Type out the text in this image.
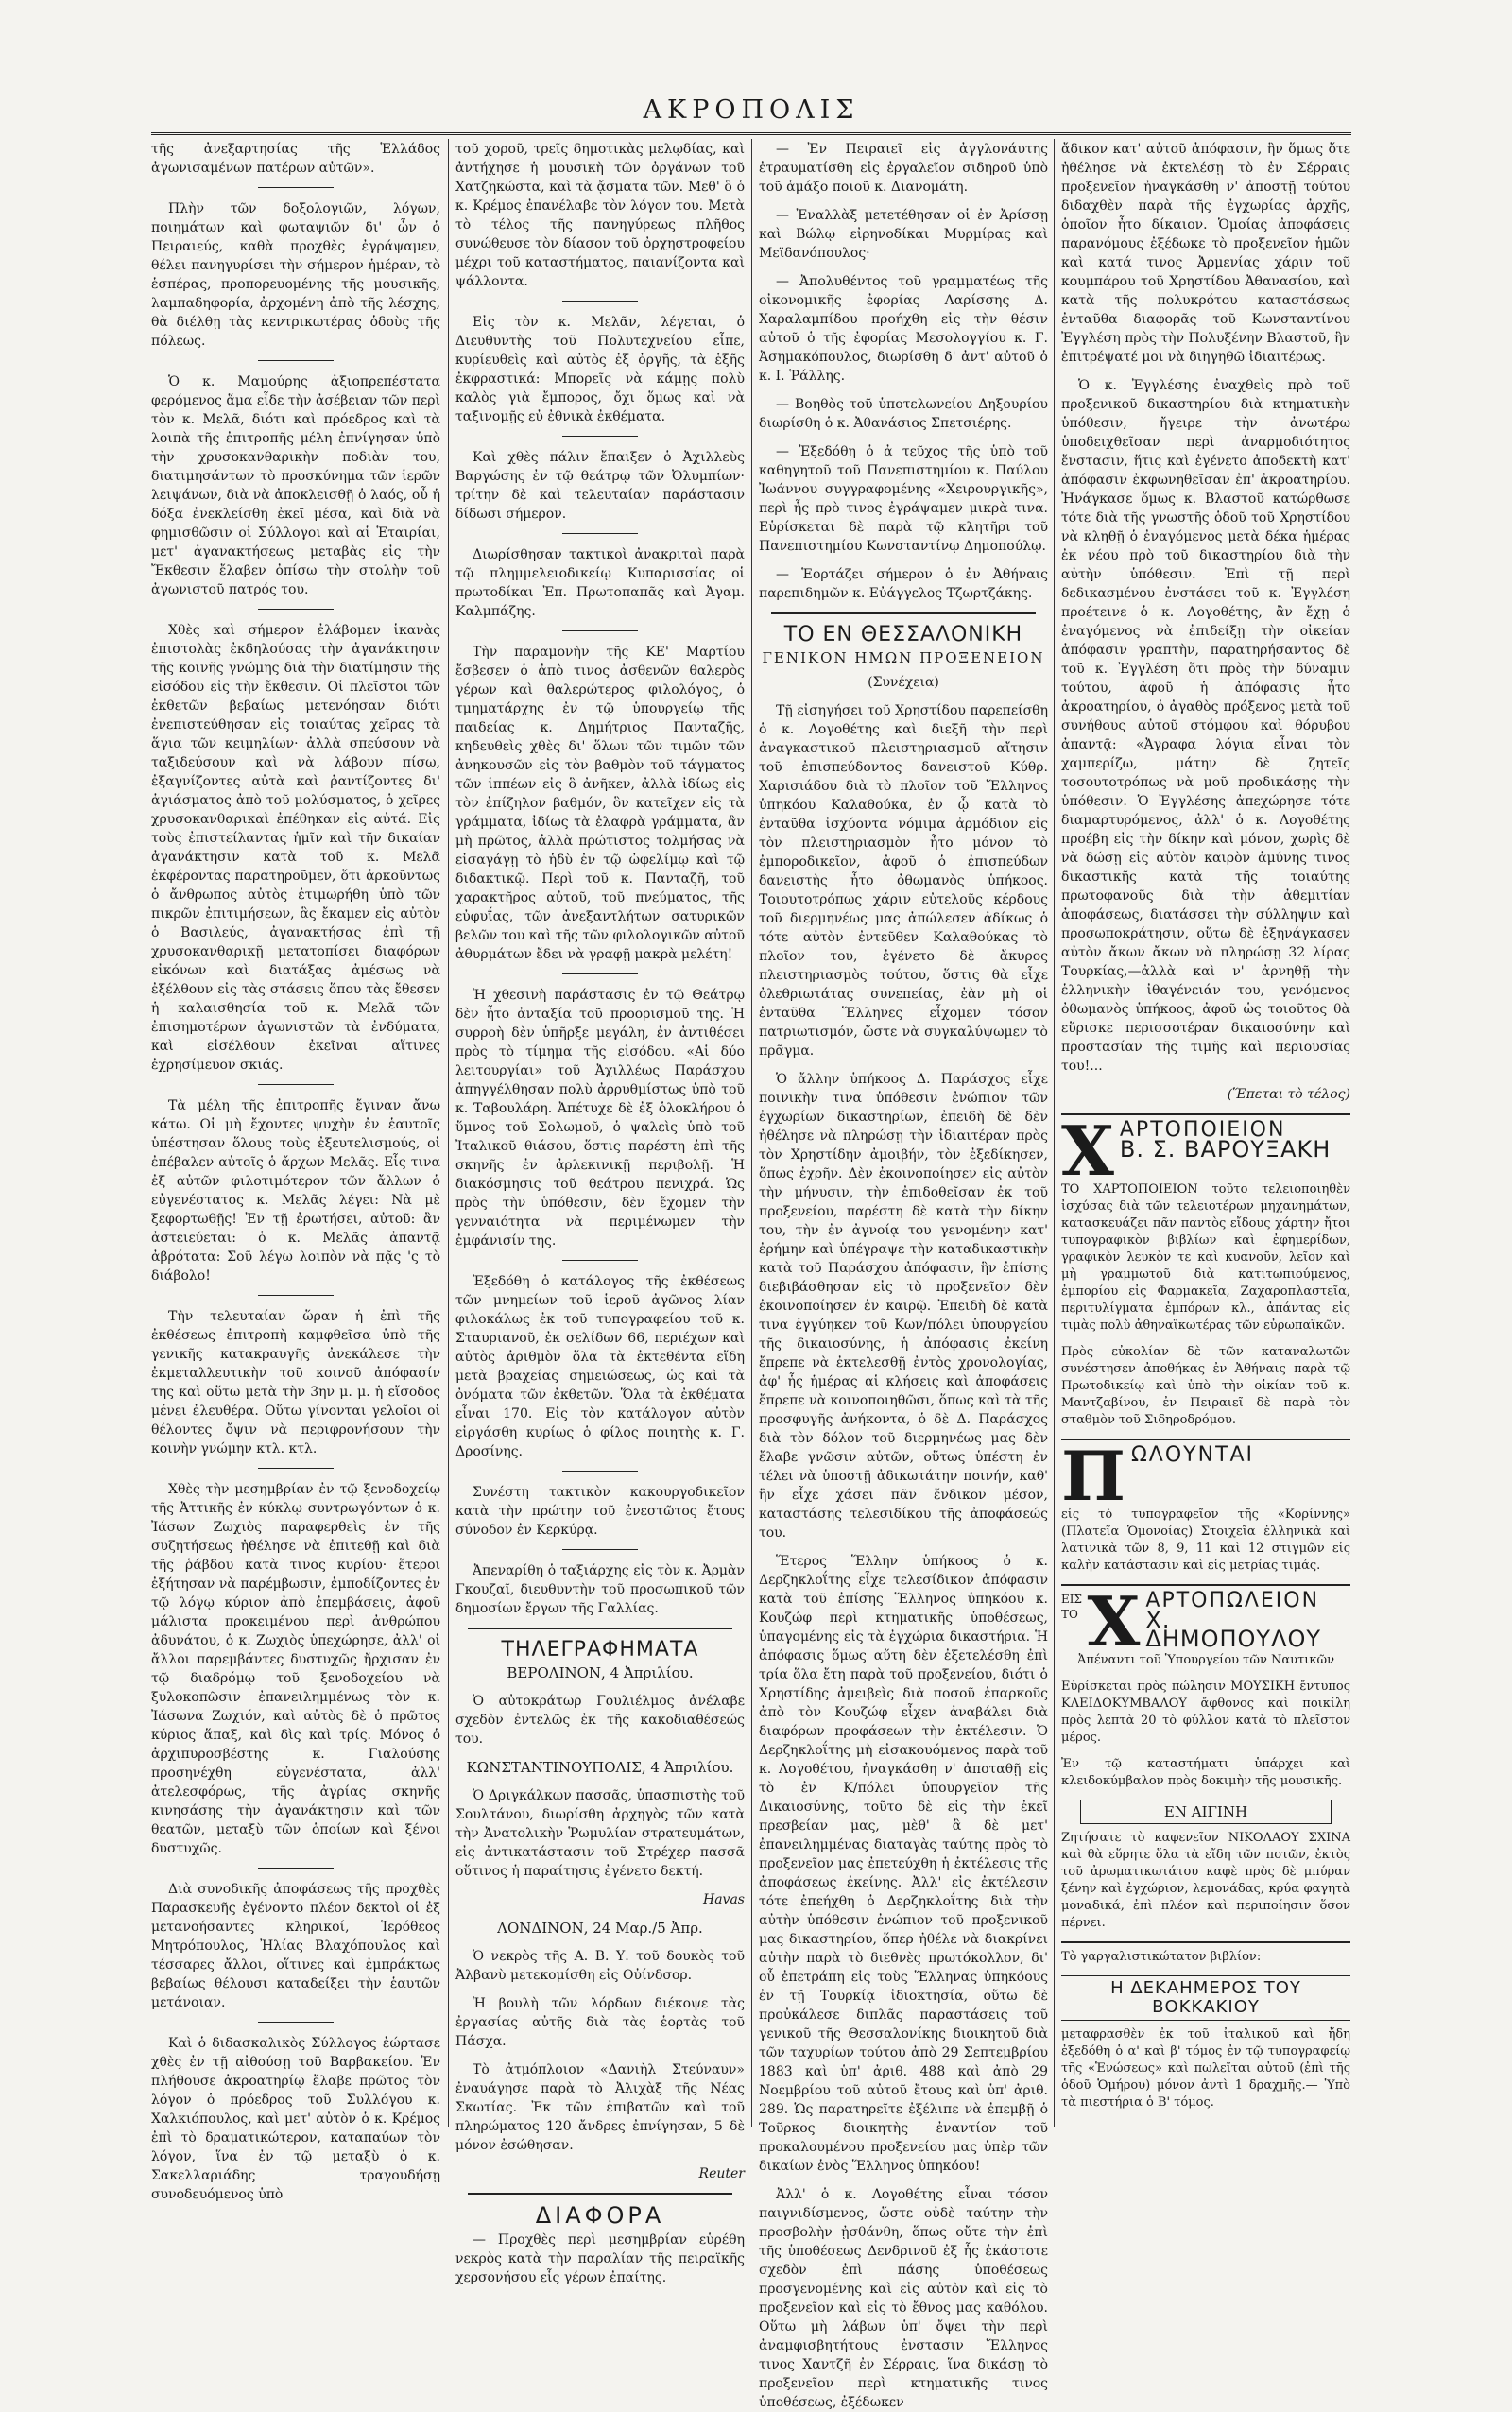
ΑΚΡΟΠΟΛΙΣ

τῆς ἀνεξαρτησίας τῆς Ἑλλάδος ἀγωνισαμένων πατέρων αὐτῶν».

Πλὴν τῶν δοξολογιῶν, λόγων, ποιημάτων καὶ φωταψιῶν δι' ὧν ὁ Πειραιεύς, καθὰ προχθὲς ἐγράψαμεν, θέλει πανηγυρίσει τὴν σήμερον ἡμέραν, τὸ ἑσπέρας, προπορευομένης τῆς μουσικῆς, λαμπαδηφορία, ἀρχομένη ἀπὸ τῆς λέσχης, θὰ διέλθῃ τὰς κεντρικωτέρας ὁδοὺς τῆς πόλεως.

Ὁ κ. Μαμούρης ἀξιοπρεπέστατα φερόμενος ἅμα εἶδε τὴν ἀσέβειαν τῶν περὶ τὸν κ. Μελᾶ, διότι καὶ πρόεδρος καὶ τὰ λοιπὰ τῆς ἐπιτροπῆς μέλη ἐπνίγησαν ὑπὸ τὴν χρυσοκανθαρικὴν ποδιὰν του, διατιμησάντων τὸ προσκύνημα τῶν ἱερῶν λειψάνων, διὰ νὰ ἀποκλεισθῇ ὁ λαός, οὗ ἡ δόξα ἐνεκλείσθη ἐκεῖ μέσα, καὶ διὰ νὰ φημισθῶσιν οἱ Σύλλογοι καὶ αἱ Ἑταιρίαι, μετ' ἀγανακτήσεως μεταβὰς εἰς τὴν Ἔκθεσιν ἔλαβεν ὀπίσω τὴν στολὴν τοῦ ἀγωνιστοῦ πατρός του.

Χθὲς καὶ σήμερον ἐλάβομεν ἱκανὰς ἐπιστολὰς ἐκδηλούσας τὴν ἀγανάκτησιν τῆς κοινῆς γνώμης διὰ τὴν διατίμησιν τῆς εἰσόδου εἰς τὴν ἔκθεσιν. Οἱ πλεῖστοι τῶν ἐκθετῶν βεβαίως μετενόησαν διότι ἐνεπιστεύθησαν εἰς τοιαύτας χεῖρας τὰ ἅγια τῶν κειμηλίων· ἀλλὰ σπεύσουν νὰ ταξιδεύσουν καὶ νὰ λάβουν πίσω, ἐξαγνίζοντες αὐτὰ καὶ ῥαντίζοντες δι' ἁγιάσματος ἀπὸ τοῦ μολύσματος, ὁ χεῖρες χρυσοκανθαρικαὶ ἐπέθηκαν εἰς αὐτά. Εἰς τοὺς ἐπιστείλαντας ἡμῖν καὶ τῆν δικαίαν ἀγανάκτησιν κατὰ τοῦ κ. Μελᾶ ἐκφέροντας παρατηροῦμεν, ὅτι ἀρκοῦντως ὁ ἄνθρωπος αὐτὸς ἐτιμωρήθη ὑπὸ τῶν πικρῶν ἐπιτιμήσεων, ἃς ἔκαμεν εἰς αὐτὸν ὁ Βασιλεύς, ἀγανακτήσας ἐπὶ τῇ χρυσοκανθαρικῇ μετατοπίσει διαφόρων εἰκόνων καὶ διατάξας ἀμέσως νὰ ἐξέλθουν εἰς τὰς στάσεις ὅπου τὰς ἔθεσεν ἡ καλαισθησία τοῦ κ. Μελᾶ τῶν ἐπισημοτέρων ἀγωνιστῶν τὰ ἐνδύματα, καὶ εἰσέλθουν ἐκεῖναι αἵτινες ἐχρησίμευον σκιάς.

Τὰ μέλη τῆς ἐπιτροπῆς ἔγιναν ἄνω κάτω. Οἱ μὴ ἔχοντες ψυχὴν ἐν ἑαυτοῖς ὑπέστησαν ὅλους τοὺς ἐξευτελισμούς, οἱ ἐπέβαλεν αὐτοῖς ὁ ἄρχων Μελᾶς. Εἷς τινα ἐξ αὐτῶν φιλοτιμότερον τῶν ἄλλων ὁ εὐγενέστατος κ. Μελᾶς λέγει: Νὰ μὲ ξεφορτωθῇς! Ἐν τῇ ἐρωτήσει, αὐτοῦ: ἂν ἀστειεύεται: ὁ κ. Μελᾶς ἀπαντᾷ ἀβρότατα: Σοῦ λέγω λοιπὸν νὰ πᾷς 'ς τὸ διάβολο!

Τὴν τελευταίαν ὥραν ἡ ἐπὶ τῆς ἐκθέσεως ἐπιτροπὴ καμφθεῖσα ὑπὸ τῆς γενικῆς κατακραυγῆς ἀνεκάλεσε τὴν ἐκμεταλλευτικὴν τοῦ κοινοῦ ἀπόφασίν της καὶ οὕτω μετὰ τὴν 3ην μ. μ. ἡ εἴσοδος μένει ἐλευθέρα. Οὕτω γίνονται γελοῖοι οἱ θέλοντες ὄψιν νὰ περιφρονήσουν τὴν κοινὴν γνώμην κτλ. κτλ.

Χθὲς τὴν μεσημβρίαν ἐν τῷ ξενοδοχείῳ τῆς Ἀττικῆς ἐν κύκλῳ συντρωγόντων ὁ κ. Ἰάσων Ζωχιὸς παραφερθεὶς ἐν τῆς συζητήσεως ἠθέλησε νὰ ἐπιτεθῇ καὶ διὰ τῆς ῥάβδου κατὰ τινος κυρίου· ἕτεροι ἐξήτησαν νὰ παρέμβωσιν, ἐμποδίζοντες ἐν τῷ λόγῳ κύριον ἀπὸ ἐπεμβάσεις, ἀφοῦ μάλιστα προκειμένου περὶ ἀνθρώπου ἀδυνάτου, ὁ κ. Ζωχιὸς ὑπεχώρησε, ἀλλ' οἱ ἄλλοι παρεμβάντες δυστυχῶς ἤρχισαν ἐν τῷ διαδρόμῳ τοῦ ξενοδοχείου νὰ ξυλοκοπῶσιν ἐπανειλημμένως τὸν κ. Ἰάσωνα Ζωχιόν, καὶ αὐτὸς δὲ ὁ πρῶτος κύριος ἅπαξ, καὶ δὶς καὶ τρίς. Μόνος ὁ ἀρχιπυροσβέστης κ. Γιαλούσης προσηνέχθη εὐγενέστατα, ἀλλ' ἀτελεσφόρως, τῆς ἀγρίας σκηνῆς κινησάσης τὴν ἀγανάκτησιν καὶ τῶν θεατῶν, μεταξὺ τῶν ὁποίων καὶ ξένοι δυστυχῶς.

Διὰ συνοδικῆς ἀποφάσεως τῆς προχθὲς Παρασκευῆς ἐγένοντο πλέον δεκτοὶ οἱ ἐξ μετανοήσαντες κληρικοί, Ἱερόθεος Μητρόπουλος, Ἠλίας Βλαχόπουλος καὶ τέσσαρες ἄλλοι, οἵτινες καὶ ἐμπράκτως βεβαίως θέλουσι καταδείξει τὴν ἑαυτῶν μετάνοιαν.

Καὶ ὁ διδασκαλικὸς Σύλλογος ἑώρτασε χθὲς ἐν τῇ αἰθούσῃ τοῦ Βαρβακείου. Ἐν πλήθουσε ἀκροατηρίῳ ἔλαβε πρῶτος τὸν λόγον ὁ πρόεδρος τοῦ Συλλόγου κ. Χαλκιόπουλος, καὶ μετ' αὐτὸν ὁ κ. Κρέμος ἐπὶ τὸ δραματικώτερον, καταπαύων τὸν λόγον, ἵνα ἐν τῷ μεταξὺ ὁ κ. Σακελλαριάδης τραγουδήσῃ συνοδευόμενος ὑπὸ

τοῦ χοροῦ, τρεῖς δημοτικὰς μελῳδίας, καὶ ἀντήχησε ἡ μουσικὴ τῶν ὀργάνων τοῦ Χατζηκώστα, καὶ τὰ ᾄσματα τῶν. Μεθ' ὃ ὁ κ. Κρέμος ἐπανέλαβε τὸν λόγον του. Μετὰ τὸ τέλος τῆς πανηγύρεως πλῆθος συνώθευσε τὸν δίασον τοῦ ὀρχηστροφείου μέχρι τοῦ καταστήματος, παιανίζοντα καὶ ψάλλοντα.

Εἰς τὸν κ. Μελᾶν, λέγεται, ὁ Διευθυντὴς τοῦ Πολυτεχνείου εἶπε, κυρίευθεὶς καὶ αὐτὸς ἐξ ὀργῆς, τὰ ἑξῆς ἐκφραστικά: Μπορεῖς νὰ κάμῃς πολὺ καλὸς γιὰ ἔμπορος, ὄχι ὅμως καὶ νὰ ταξινομῇς εὐ ἐθνικὰ ἐκθέματα.

Καὶ χθὲς πάλιν ἔπαιξεν ὁ Ἀχιλλεὺς Βαργώσης ἐν τῷ θεάτρῳ τῶν Ὀλυμπίων· τρίτην δὲ καὶ τελευταίαν παράστασιν δίδωσι σήμερον.

Διωρίσθησαν τακτικοὶ ἀνακριταὶ παρὰ τῷ πλημμελειοδικείῳ Κυπαρισσίας οἱ πρωτοδίκαι Ἐπ. Πρωτοπαπᾶς καὶ Ἀγαμ. Καλμπάζης.

Τὴν παραμονὴν τῆς ΚΕ' Μαρτίου ἔσβεσεν ὁ ἀπὸ τινος ἀσθενῶν θαλερὸς γέρων καὶ θαλερώτερος φιλολόγος, ὁ τμηματάρχης ἐν τῷ ὑπουργείῳ τῆς παιδείας κ. Δημήτριος Πανταζῆς, κηδευθεὶς χθὲς δι' ὅλων τῶν τιμῶν τῶν ἀνηκουσῶν εἰς τὸν βαθμὸν τοῦ τάγματος τῶν ἱππέων εἰς ὃ ἀνῆκεν, ἀλλὰ ἰδίως εἰς τὸν ἐπίζηλον βαθμόν, ὃν κατεῖχεν εἰς τὰ γράμματα, ἰδίως τὰ ἐλαφρὰ γράμματα, ἂν μὴ πρῶτος, ἀλλὰ πρώτιστος τολμήσας νὰ εἰσαγάγῃ τὸ ἡδὺ ἐν τῷ ὠφελίμῳ καὶ τῷ διδακτικῷ. Περὶ τοῦ κ. Πανταζῆ, τοῦ χαρακτῆρος αὐτοῦ, τοῦ πνεύματος, τῆς εὐφυΐας, τῶν ἀνεξαντλήτων σατυρικῶν βελῶν του καὶ τῆς τῶν φιλολογικῶν αὐτοῦ ἀθυρμάτων ἔδει νὰ γραφῇ μακρὰ μελέτη!

Ἡ χθεσινὴ παράστασις ἐν τῷ Θεάτρῳ δὲν ἦτο ἀνταξία τοῦ προορισμοῦ της. Ἡ συρροὴ δὲν ὑπῆρξε μεγάλη, ἐν ἀντιθέσει πρὸς τὸ τίμημα τῆς εἰσόδου. «Αἱ δύο λειτουργίαι» τοῦ Ἀχιλλέως Παράσχου ἀπηγγέλθησαν πολὺ ἀρρυθμίστως ὑπὸ τοῦ κ. Ταβουλάρη. Ἀπέτυχε δὲ ἐξ ὁλοκλήρου ὁ ὕμνος τοῦ Σολωμοῦ, ὁ ψαλεὶς ὑπὸ τοῦ Ἰταλικοῦ θιάσου, ὅστις παρέστη ἐπὶ τῆς σκηνῆς ἐν ἀρλεκινικῇ περιβολῇ. Ἡ διακόσμησις τοῦ θεάτρου πενιχρά. Ὡς πρὸς τὴν ὑπόθεσιν, δὲν ἔχομεν τὴν γενναιότητα νὰ περιμένωμεν τὴν ἐμφάνισίν της.

Ἐξεδόθη ὁ κατάλογος τῆς ἐκθέσεως τῶν μνημείων τοῦ ἱεροῦ ἀγῶνος λίαν φιλοκάλως ἐκ τοῦ τυπογραφείου τοῦ κ. Σταυριανοῦ, ἐκ σελίδων 66, περιέχων καὶ αὐτὸς ἀριθμὸν ὅλα τὰ ἐκτεθέντα εἴδη μετὰ βραχείας σημειώσεως, ὡς καὶ τὰ ὀνόματα τῶν ἐκθετῶν. Ὅλα τὰ ἐκθέματα εἶναι 170. Εἰς τὸν κατάλογον αὐτὸν εἰργάσθη κυρίως ὁ φίλος ποιητὴς κ. Γ. Δροσίνης.

Συνέστη τακτικὸν κακουργοδικεῖον κατὰ τὴν πρώτην τοῦ ἐνεστῶτος ἔτους σύνοδον ἐν Κερκύρᾳ.

Ἀπεναρίθη ὁ ταξιάρχης εἰς τὸν κ. Ἀρμὰν Γκουζαῖ, διευθυντὴν τοῦ προσωπικοῦ τῶν δημοσίων ἔργων τῆς Γαλλίας.

ΤΗΛΕΓΡΑΦΗΜΑΤΑ

ΒΕΡΟΛΙΝΟΝ, 4 Ἀπριλίου.

Ὁ αὐτοκράτωρ Γουλιέλμος ἀνέλαβε σχεδὸν ἐντελῶς ἐκ τῆς κακοδιαθέσεώς του.

ΚΩΝΣΤΑΝΤΙΝΟΥΠΟΛΙΣ, 4 Ἀπριλίου.

Ὁ Δριγκάλκων πασσᾶς, ὑπασπιστὴς τοῦ Σουλτάνου, διωρίσθη ἀρχηγὸς τῶν κατὰ τὴν Ἀνατολικὴν Ῥωμυλίαν στρατευμάτων, εἰς ἀντικατάστασιν τοῦ Στρέχερ πασσᾶ οὕτινος ἡ παραίτησις ἐγένετο δεκτή.

Havas

ΛΟΝΔΙΝΟΝ, 24 Μαρ./5 Ἀπρ.

Ὁ νεκρὸς τῆς Α. Β. Υ. τοῦ δουκὸς τοῦ Ἀλβανὺ μετεκομίσθη εἰς Οὐίνδσορ.

Ἡ βουλὴ τῶν λόρδων διέκοψε τὰς ἐργασίας αὐτῆς διὰ τὰς ἑορτὰς τοῦ Πάσχα.

Τὸ ἀτμόπλοιον «Δανιὴλ Στεύναυν» ἐναυάγησε παρὰ τὸ Ἀλιχὰξ τῆς Νέας Σκωτίας. Ἐκ τῶν ἐπιβατῶν καὶ τοῦ πληρώματος 120 ἄνδρες ἐπνίγησαν, 5 δὲ μόνον ἐσώθησαν.

Reuter

ΔΙΑΦΟΡΑ

— Προχθὲς περὶ μεσημβρίαν εὑρέθη νεκρὸς κατὰ τὴν παραλίαν τῆς πειραϊκῆς χερσονήσου εἷς γέρων ἐπαίτης.

— Ἐν Πειραιεῖ εἰς ἀγγλονάυτης ἐτραυματίσθη εἰς ἐργαλεῖον σιδηροῦ ὑπὸ τοῦ ἁμάξο ποιοῦ κ. Διανομάτη.

— Ἐναλλὰξ μετετέθησαν οἱ ἐν Ἀρίσσῃ καὶ Βώλῳ εἰρηνοδίκαι Μυρμίρας καὶ Μεϊδανόπουλος·

— Ἀπολυθέντος τοῦ γραμματέως τῆς οἰκονομικῆς ἐφορίας Λαρίσσης Δ. Χαραλαμπίδου προήχθη εἰς τὴν θέσιν αὐτοῦ ὁ τῆς ἐφορίας Μεσολογγίου κ. Γ. Ἀσημακόπουλος, διωρίσθη δ' ἀντ' αὐτοῦ ὁ κ. Ι. Ῥάλλης.

— Βοηθὸς τοῦ ὑποτελωνείου Δηξουρίου διωρίσθη ὁ κ. Ἀθανάσιος Σπετσιέρης.

— Ἐξεδόθη ὁ ἀ τεῦχος τῆς ὑπὸ τοῦ καθηγητοῦ τοῦ Πανεπιστημίου κ. Παύλου Ἰωάννου συγγραφομένης «Χειρουργικῆς», περὶ ἧς πρὸ τινος ἐγράψαμεν μικρὰ τινα. Εὑρίσκεται δὲ παρὰ τῷ κλητῆρι τοῦ Πανεπιστημίου Κωνσταντίνῳ Δημοπούλῳ.

— Ἑορτάζει σήμερον ὁ ἐν Ἀθήναις παρεπιδημῶν κ. Εὐάγγελος Τζωρτζάκης.

ΤΟ ΕΝ ΘΕΣΣΑΛΟΝΙΚΗ
ΓΕΝΙΚΟΝ ΗΜΩΝ ΠΡΟΞΕΝΕΙΟΝ

(Συνέχεια)

Τῇ εἰσηγήσει τοῦ Χρηστίδου παρεπείσθη ὁ κ. Λογοθέτης καὶ διεξῆ τὴν περὶ ἀναγκαστικοῦ πλειστηριασμοῦ αἴτησιν τοῦ ἐπισπεύδοντος δανειστοῦ Κύθρ. Χαρισιάδου διὰ τὸ πλοῖον τοῦ Ἕλληνος ὑπηκόου Καλαθούκα, ἐν ᾧ κατὰ τὸ ἐνταῦθα ἰσχύοντα νόμιμα ἀρμόδιον εἰς τὸν πλειστηριασμὸν ἦτο μόνον τὸ ἐμποροδικεῖον, ἀφοῦ ὁ ἐπισπεύδων δανειστὴς ἦτο ὀθωμανὸς ὑπήκοος. Τοιουτοτρόπως χάριν εὐτελοῦς κέρδους τοῦ διερμηνέως μας ἀπώλεσεν ἀδίκως ὁ τότε αὐτὸν ἐντεῦθεν Καλαθούκας τὸ πλοῖον του, ἐγένετο δὲ ἄκυρος πλειστηριασμὸς τούτου, ὅστις θὰ εἶχε ὀλεθριωτάτας συνεπείας, ἐὰν μὴ οἱ ἐνταῦθα Ἕλληνες εἶχομεν τόσον πατριωτισμόν, ὥστε νὰ συγκαλύψωμεν τὸ πρᾶγμα.

Ὁ ἄλλην ὑπήκοος Δ. Παράσχος εἶχε ποινικὴν τινα ὑπόθεσιν ἐνώπιον τῶν ἐγχωρίων δικαστηρίων, ἐπειδὴ δὲ δὲν ἠθέλησε νὰ πληρώσῃ τὴν ἰδιαιτέραν πρὸς τὸν Χρηστίδην ἀμοιβήν, τὸν ἐξεδίκησεν, ὅπως ἐχρῆν. Δὲν ἐκοινοποίησεν εἰς αὐτὸν τὴν μήνυσιν, τὴν ἐπιδοθεῖσαν ἐκ τοῦ προξενείου, παρέστη δὲ κατὰ τὴν δίκην του, τὴν ἐν ἀγνοίᾳ του γενομένην κατ' ἐρήμην καὶ ὑπέγραψε τὴν καταδικαστικὴν κατὰ τοῦ Παράσχου ἀπόφασιν, ἣν ἐπίσης διεβιβάσθησαν εἰς τὸ προξενεῖον δὲν ἐκοινοποίησεν ἐν καιρῷ. Ἐπειδὴ δὲ κατὰ τινα ἐγγύηκεν τοῦ Κων/πόλει ὑπουργείου τῆς δικαιοσύνης, ἡ ἀπόφασις ἐκείνη ἔπρεπε νὰ ἐκτελεσθῇ ἐντὸς χρονολογίας, ἀφ' ἧς ἡμέρας αἱ κλήσεις καὶ ἀποφάσεις ἔπρεπε νὰ κοινοποιηθῶσι, ὅπως καὶ τὰ τῆς προσφυγῆς ἀνήκοντα, ὁ δὲ Δ. Παράσχος διὰ τὸν δόλον τοῦ διερμηνέως μας δὲν ἔλαβε γνῶσιν αὐτῶν, οὕτως ὑπέστη ἐν τέλει νὰ ὑποστῇ ἀδικωτάτην ποινήν, καθ' ἣν εἶχε χάσει πᾶν ἔνδικον μέσον, καταστάσης τελεσιδίκου τῆς ἀποφάσεώς του.

Ἕτερος Ἕλλην ὑπήκοος ὁ κ. Δερζηκλοΐτης εἶχε τελεσίδικον ἀπόφασιν κατὰ τοῦ ἐπίσης Ἕλληνος ὑπηκόου κ. Κουζώφ περὶ κτηματικῆς ὑποθέσεως, ὑπαγομένης εἰς τὰ ἐγχώρια δικαστήρια. Ἡ ἀπόφασις ὅμως αὕτη δὲν ἐξετελέσθη ἐπὶ τρία ὅλα ἔτη παρὰ τοῦ προξενείου, διότι ὁ Χρηστίδης ἀμειβεὶς διὰ ποσοῦ ἐπαρκοῦς ἀπὸ τὸν Κουζώφ εἶχεν ἀναβάλει διὰ διαφόρων προφάσεων τὴν ἐκτέλεσιν. Ὁ Δερζηκλοΐτης μὴ εἰσακουόμενος παρὰ τοῦ κ. Λογοθέτου, ἠναγκάσθη ν' ἀποταθῇ εἰς τὸ ἐν Κ/πόλει ὑπουργεῖον τῆς Δικαιοσύνης, τοῦτο δὲ εἰς τὴν ἐκεῖ πρεσβείαν μας, μὲθ' ἃ δὲ μετ' ἐπανειλημμένας διαταγὰς ταύτης πρὸς τὸ προξενεῖον μας ἐπετεύχθη ἡ ἐκτέλεσις τῆς ἀποφάσεως ἐκείνης. Ἀλλ' εἰς ἐκτέλεσιν τότε ἐπεήχθη ὁ Δερζηκλοΐτης διὰ τὴν αὐτὴν ὑπόθεσιν ἐνώπιον τοῦ προξενικοῦ μας δικαστηρίου, ὅπερ ἠθέλε νὰ διακρίνει αὐτὴν παρὰ τὸ διεθνὲς πρωτόκολλον, δι' οὗ ἐπετράπη εἰς τοὺς Ἕλληνας ὑπηκόους ἐν τῇ Τουρκίᾳ ἰδιοκτησία, οὕτω δὲ προὐκάλεσε διπλᾶς παραστάσεις τοῦ γενικοῦ τῆς Θεσσαλονίκης διοικητοῦ διὰ τῶν ταχυρίων τούτου ἀπὸ 29 Σεπτεμβρίου 1883 καὶ ὑπ' ἀριθ. 488 καὶ ἀπὸ 29 Νοεμβρίου τοῦ αὐτοῦ ἔτους καὶ ὑπ' ἀριθ. 289. Ὡς παρατηρεῖτε ἐξέλιπε νὰ ἐπεμβῇ ὁ Τοῦρκος διοικητὴς ἐναντίον τοῦ προκαλουμένου προξενείου μας ὑπὲρ τῶν δικαίων ἑνὸς Ἕλληνος ὑπηκόου!

Ἀλλ' ὁ κ. Λογοθέτης εἶναι τόσον παιγνιδίσμενος, ὥστε οὐδὲ ταύτην τὴν προσβολὴν ᾐσθάνθη, ὅπως οὔτε τὴν ἐπὶ τῆς ὑποθέσεως Δενδρινοῦ ἐξ ἧς ἑκάστοτε σχεδὸν ἐπὶ πάσης ὑποθέσεως προσγενομένης καὶ εἰς αὐτὸν καὶ εἰς τὸ προξενεῖον καὶ εἰς τὸ ἔθνος μας καθόλου. Οὕτω μὴ λάβων ὑπ' ὄψει τὴν περὶ ἀναμφισβητήτους ἐνστασιν Ἕλληνος τινος Χαντζῆ ἐν Σέρραις, ἵνα δικάσῃ τὸ προξενεῖον περὶ κτηματικῆς τινος ὑποθέσεως, ἐξέδωκεν

ἄδικον κατ' αὐτοῦ ἀπόφασιν, ἣν ὅμως ὅτε ἠθέλησε νὰ ἐκτελέσῃ τὸ ἐν Σέρραις προξενεῖον ἠναγκάσθη ν' ἀποστῇ τούτου διδαχθὲν παρὰ τῆς ἐγχωρίας ἀρχῆς, ὁποῖον ἦτο δίκαιον. Ὁμοίας ἀποφάσεις παρανόμους ἐξέδωκε τὸ προξενεῖον ἡμῶν καὶ κατά τινος Ἀρμενίας χάριν τοῦ κουμπάρου τοῦ Χρηστίδου Ἀθανασίου, καὶ κατὰ τῆς πολυκρότου καταστάσεως ἐνταῦθα διαφορᾶς τοῦ Κωνσταντίνου Ἐγγλέση πρὸς τὴν Πολυξένην Βλαστοῦ, ἣν ἐπιτρέψατέ μοι νὰ διηγηθῶ ἰδιαιτέρως.

Ὁ κ. Ἐγγλέσης ἐναχθεὶς πρὸ τοῦ προξενικοῦ δικαστηρίου διὰ κτηματικὴν ὑπόθεσιν, ἤγειρε τὴν ἀνωτέρω ὑποδειχθεῖσαν περὶ ἀναρμοδιότητος ἔνστασιν, ἥτις καὶ ἐγένετο ἀποδεκτὴ κατ' ἀπόφασιν ἐκφωνηθεῖσαν ἐπ' ἀκροατηρίου. Ἠνάγκασε ὅμως κ. Βλαστοῦ κατώρθωσε τότε διὰ τῆς γνωστῆς ὁδοῦ τοῦ Χρηστίδου νὰ κληθῇ ὁ ἐναγόμενος μετὰ δέκα ἡμέρας ἐκ νέου πρὸ τοῦ δικαστηρίου διὰ τὴν αὐτὴν ὑπόθεσιν. Ἐπὶ τῇ περὶ δεδικασμένου ἐνστάσει τοῦ κ. Ἐγγλέση προέτεινε ὁ κ. Λογοθέτης, ἂν ἔχῃ ὁ ἐναγόμενος νὰ ἐπιδείξῃ τὴν οἰκείαν ἀπόφασιν γραπτὴν, παρατηρήσαντος δὲ τοῦ κ. Ἐγγλέση ὅτι πρὸς τὴν δύναμιν τούτου, ἀφοῦ ἡ ἀπόφασις ἦτο ἀκροατηρίου, ὁ ἀγαθὸς πρόξενος μετὰ τοῦ συνήθους αὐτοῦ στόμφου καὶ θόρυβου ἀπαντᾷ: «Ἀγραφα λόγια εἶναι τὸν χαμπερίζω, μάτην δὲ ζητεῖς τοσουτοτρόπως νὰ μοῦ προδικάσῃς τὴν ὑπόθεσιν. Ὁ Ἐγγλέσης ἀπεχώρησε τότε διαμαρτυρόμενος, ἀλλ' ὁ κ. Λογοθέτης προέβη εἰς τὴν δίκην καὶ μόνον, χωρὶς δὲ νὰ δώσῃ εἰς αὐτὸν καιρὸν ἀμύνης τινος δικαστικῆς κατὰ τῆς τοιαύτης πρωτοφανοῦς διὰ τὴν ἀθεμιτίαν ἀποφάσεως, διατάσσει τὴν σύλληψιν καὶ προσωποκράτησιν, οὕτω δὲ ἐξηνάγκασεν αὐτὸν ἄκων ἄκων νὰ πληρώσῃ 32 λίρας Τουρκίας,—ἀλλὰ καὶ ν' ἀρνηθῇ τὴν ἑλληνικὴν ἰθαγένειάν του, γενόμενος ὀθωμανὸς ὑπήκοος, ἀφοῦ ὡς τοιοῦτος θὰ εὕρισκε περισσοτέραν δικαιοσύνην καὶ προστασίαν τῆς τιμῆς καὶ περιουσίας του!...

(Ἕπεται τὸ τέλος)

Χ ΑΡΤΟΠΟΙΕΙΟΝ
Β. Σ. ΒΑΡΟΥΞΑΚΗ

ΤΟ ΧΑΡΤΟΠΟΙΕΙΟΝ τοῦτο τελειοποιηθὲν ἰσχύσας διὰ τῶν τελειοτέρων μηχανημάτων, κατασκευάζει πᾶν παντὸς εἴδους χάρτην ἤτοι τυπογραφικὸν βιβλίων καὶ ἐφημερίδων, γραφικὸν λευκὸν τε καὶ κυανοῦν, λεῖον καὶ μὴ γραμμωτοῦ διὰ κατιτωπιούμενος, ἐμπορίου εἰς Φαρμακεῖα, Ζαχαροπλαστεῖα, περιτυλίγματα ἐμπόρων κλ., ἀπάντας εἰς τιμὰς πολὺ ἀθηναϊκωτέρας τῶν εὐρωπαϊκῶν.

Πρὸς εὐκολίαν δὲ τῶν καταναλωτῶν συνέστησεν ἀποθήκας ἐν Ἀθήναις παρὰ τῷ Πρωτοδικείῳ καὶ ὑπὸ τὴν οἰκίαν τοῦ κ. Μαντζαβίνου, ἐν Πειραιεῖ δὲ παρὰ τὸν σταθμὸν τοῦ Σιδηροδρόμου.

Π ΩΛΟΥΝΤΑΙ

εἰς τὸ τυπογραφεῖον τῆς «Κορίννης» (Πλατεῖα Ὁμονοίας) Στοιχεῖα ἑλληνικὰ καὶ λατινικὰ τῶν 8, 9, 11 καὶ 12 στιγμῶν εἰς καλὴν κατάστασιν καὶ εἰς μετρίας τιμάς.

ΕΙΣ ΤΟ Χ ΑΡΤΟΠΩΛΕΙΟΝ
Χ. ΔΗΜΟΠΟΥΛΟΥ

Ἀπέναντι τοῦ Ὑπουργείου τῶν Ναυτικῶν

Εὑρίσκεται πρὸς πώλησιν ΜΟΥΣΙΚΗ ἔντυπος ΚΛΕΙΔΟΚΥΜΒΑΛΟΥ ἄφθονος καὶ ποικίλη πρὸς λεπτὰ 20 τὸ φύλλον κατὰ τὸ πλεῖστον μέρος.

Ἐν τῷ καταστήματι ὑπάρχει καὶ κλειδοκύμβαλον πρὸς δοκιμὴν τῆς μουσικῆς.

ΕΝ ΑΙΓΙΝΗ

Ζητήσατε τὸ καφενεῖον ΝΙΚΟΛΑΟΥ ΣΧΙΝΑ καὶ θὰ εὕρητε ὅλα τὰ εἴδη τῶν ποτῶν, ἐκτὸς τοῦ ἀρωματικωτάτου καφὲ πρὸς δὲ μπύραν ξένην καὶ ἐγχώριον, λεμονάδας, κρύα φαγητὰ μοναδικά, ἐπὶ πλέον καὶ περιποίησιν ὅσον πέρνει.

Τὸ γαργαλιστικώτατον βιβλίον:

Η ΔΕΚΑΗΜΕΡΟΣ ΤΟΥ ΒΟΚΚΑΚΙΟΥ

μεταφρασθὲν ἐκ τοῦ ἰταλικοῦ καὶ ἤδη ἐξεδόθη ὁ α' καὶ β' τόμος ἐν τῷ τυπογραφείῳ τῆς «Ἑνώσεως» καὶ πωλεῖται αὐτοῦ (ἐπὶ τῆς ὁδοῦ Ὁμήρου) μόνον ἀντὶ 1 δραχμῆς.— Ὑπὸ τὰ πιεστήρια ὁ Β' τόμος.
